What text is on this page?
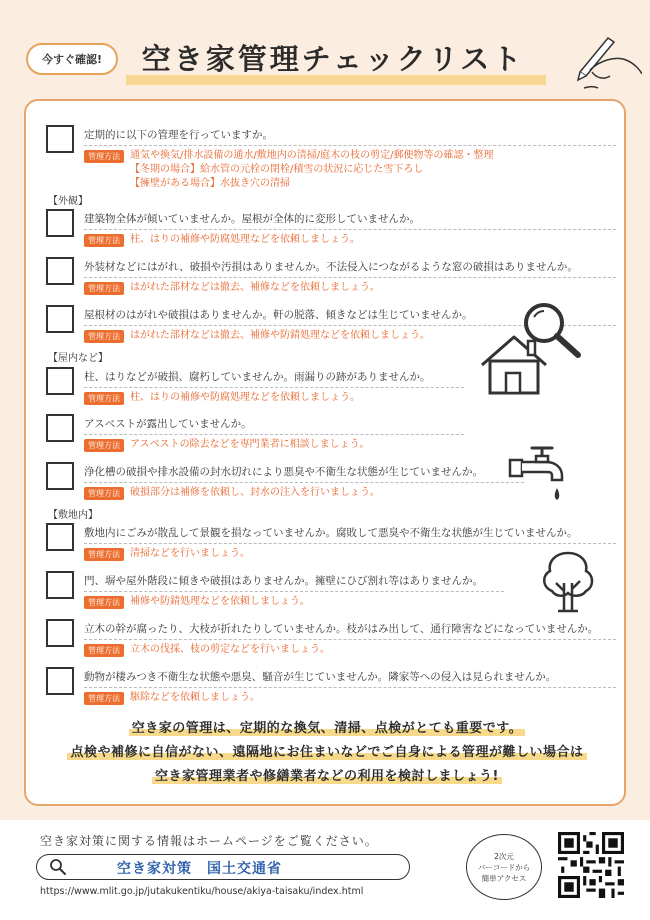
今すぐ確認!	空き家管理チェックリスト
定期的に以下の管理を行っていますか。
管理方法	通気や換気/排水設備の通水/敷地内の清掃/庭木の枝の剪定/郵便物等の確認・整理
【冬期の場合】給水管の元栓の閉栓/積雪の状況に応じた雪下ろし
【擁壁がある場合】水抜き穴の清掃
【外観】
建築物全体が傾いていませんか。屋根が全体的に変形していませんか。
管理方法	柱、はりの補修や防腐処理などを依頼しましょう。
外装材などにはがれ、破損や汚損はありませんか。不法侵入につながるような窓の破損はありませんか。
管理方法	はがれた部材などは撤去、補修などを依頼しましょう。
屋根材のはがれや破損はありませんか。軒の脱落、傾きなどは生じていませんか。
管理方法	はがれた部材などは撤去、補修や防錆処理などを依頼しましょう。
【屋内など】
柱、はりなどが破損、腐朽していませんか。雨漏りの跡がありませんか。
管理方法	柱、はりの補修や防腐処理などを依頼しましょう。
アスベストが露出していませんか。
管理方法	アスベストの除去などを専門業者に相談しましょう。
浄化槽の破損や排水設備の封水切れにより悪臭や不衛生な状態が生じていませんか。
管理方法	破損部分は補修を依頼し、封水の注入を行いましょう。
【敷地内】
敷地内にごみが散乱して景観を損なっていませんか。腐敗して悪臭や不衛生な状態が生じていませんか。
管理方法	清掃などを行いましょう。
門、塀や屋外階段に傾きや破損はありませんか。擁壁にひび割れ等はありませんか。
管理方法	補修や防錆処理などを依頼しましょう。
立木の幹が腐ったり、大枝が折れたりしていませんか。枝がはみ出して、通行障害などになっていませんか。
管理方法	立木の伐採、枝の剪定などを行いましょう。
動物が棲みつき不衛生な状態や悪臭、騒音が生じていませんか。隣家等への侵入は見られませんか。
管理方法	駆除などを依頼しましょう。
空き家の管理は、定期的な換気、清掃、点検がとても重要です。
点検や補修に自信がない、遠隔地にお住まいなどでご自身による管理が難しい場合は
空き家管理業者や修繕業者などの利用を検討しましょう!
空き家対策に関する情報はホームページをご覧ください。
空き家対策　国土交通省
https://www.mlit.go.jp/jutakukentiku/house/akiya-taisaku/index.html
2次元
バーコードから
簡単アクセス
